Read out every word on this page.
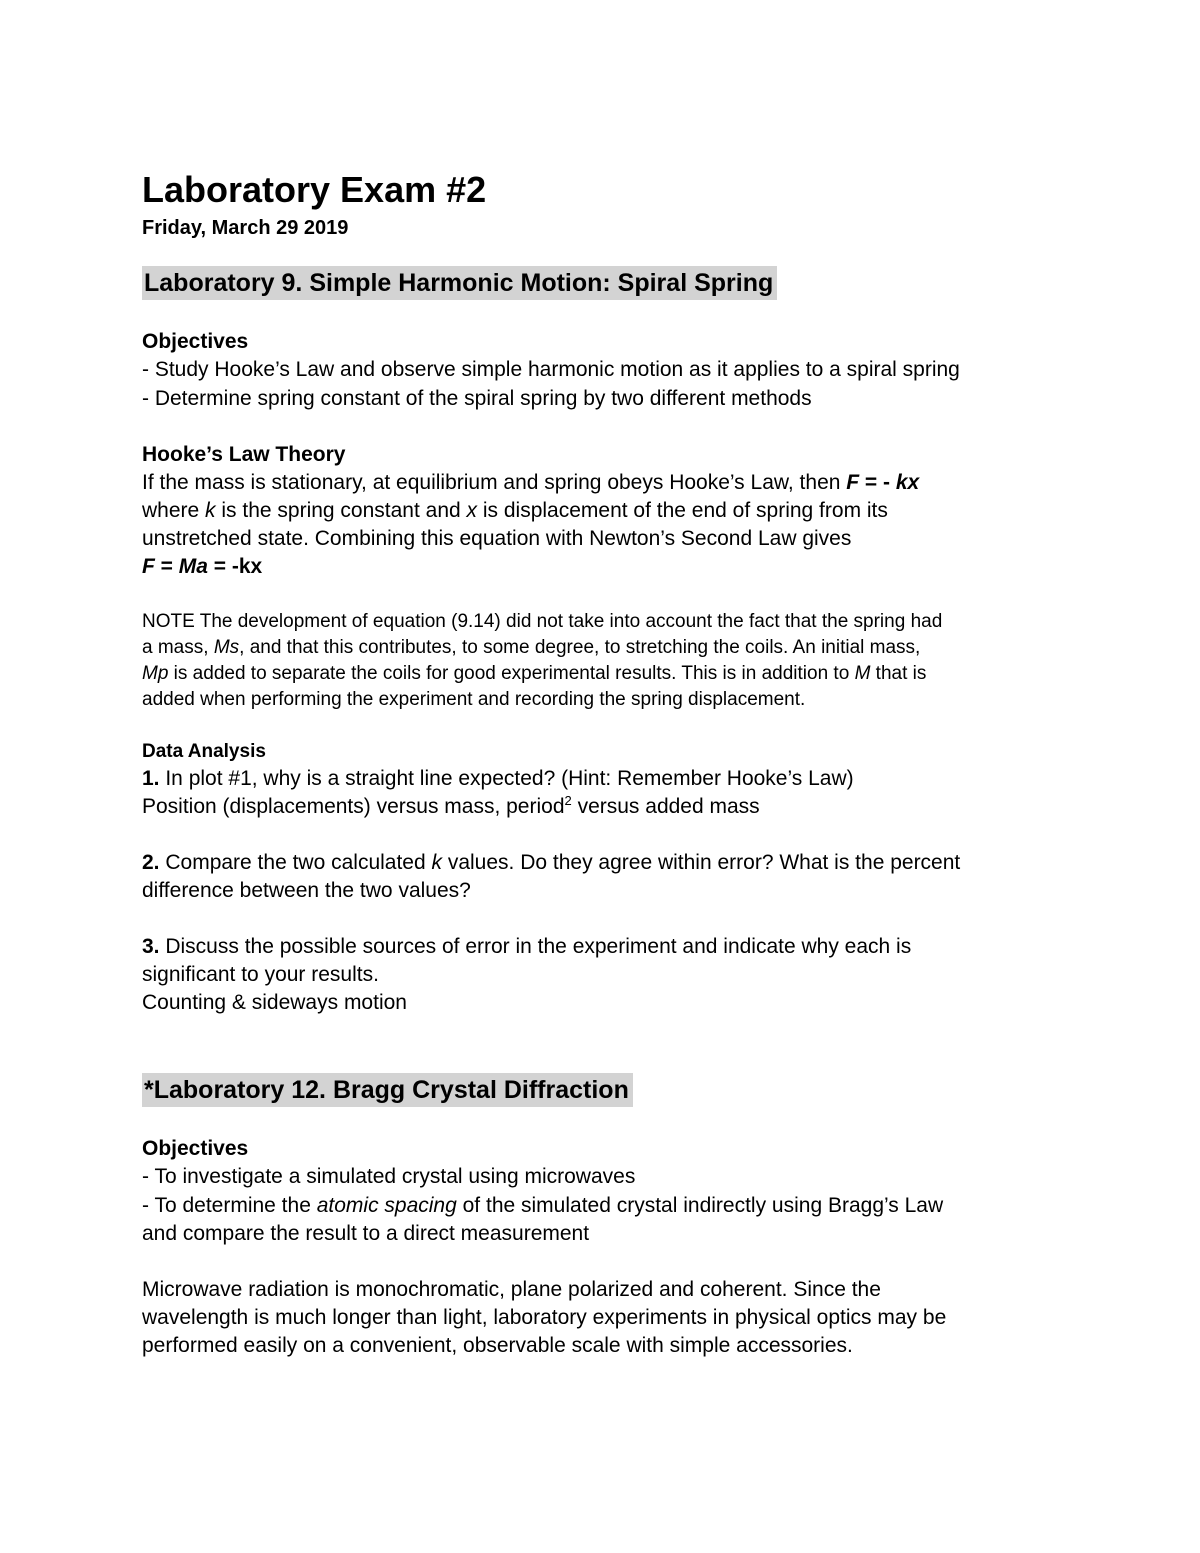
Laboratory Exam #2
Friday, March 29 2019
Laboratory 9. Simple Harmonic Motion: Spiral Spring
Objectives
- Study Hooke’s Law and observe simple harmonic motion as it applies to a spiral spring
- Determine spring constant of the spiral spring by two different methods
Hooke’s Law Theory
If the mass is stationary, at equilibrium and spring obeys Hooke’s Law, then F = - kx
where k is the spring constant and x is displacement of the end of spring from its
unstretched state. Combining this equation with Newton’s Second Law gives
F = Ma = -kx
NOTE The development of equation (9.14) did not take into account the fact that the spring had
a mass, Ms, and that this contributes, to some degree, to stretching the coils. An initial mass,
Mp is added to separate the coils for good experimental results. This is in addition to M that is
added when performing the experiment and recording the spring displacement.
Data Analysis
1. In plot #1, why is a straight line expected? (Hint: Remember Hooke’s Law)
Position (displacements) versus mass, period$^2$ versus added mass
2. Compare the two calculated k values. Do they agree within error? What is the percent
difference between the two values?
3. Discuss the possible sources of error in the experiment and indicate why each is
significant to your results.
Counting & sideways motion
*Laboratory 12. Bragg Crystal Diffraction
Objectives
- To investigate a simulated crystal using microwaves
- To determine the atomic spacing of the simulated crystal indirectly using Bragg’s Law
and compare the result to a direct measurement
Microwave radiation is monochromatic, plane polarized and coherent. Since the
wavelength is much longer than light, laboratory experiments in physical optics may be
performed easily on a convenient, observable scale with simple accessories.
